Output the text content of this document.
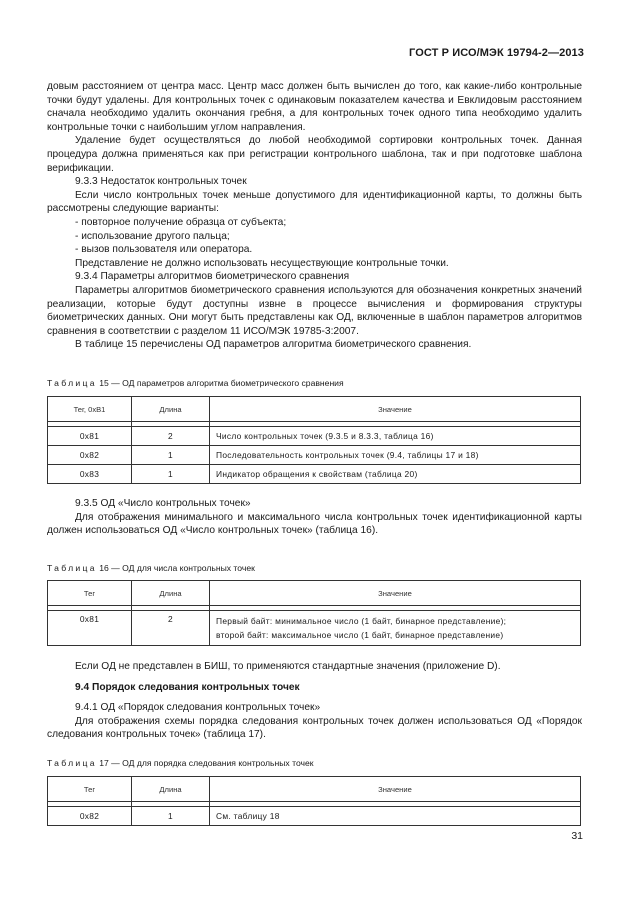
ГОСТ Р ИСО/МЭК 19794-2—2013

довым расстоянием от центра масс. Центр масс должен быть вычислен до того, как какие-либо контрольные точки будут удалены. Для контрольных точек с одинаковым показателем качества и Евклидовым расстоянием сначала необходимо удалить окончания гребня, а для контрольных точек одного типа необходимо удалить контрольные точки с наибольшим углом направления.

Удаление будет осуществляться до любой необходимой сортировки контрольных точек. Данная процедура должна применяться как при регистрации контрольного шаблона, так и при подготовке шаблона верификации.

9.3.3 Недостаток контрольных точек

Если число контрольных точек меньше допустимого для идентификационной карты, то должны быть рассмотрены следующие варианты:

- повторное получение образца от субъекта;

- использование другого пальца;

- вызов пользователя или оператора.

Представление не должно использовать несуществующие контрольные точки.

9.3.4 Параметры алгоритмов биометрического сравнения

Параметры алгоритмов биометрического сравнения используются для обозначения конкретных значений реализации, которые будут доступны извне в процессе вычисления и формирования структуры биометрических данных. Они могут быть представлены как ОД, включенные в шаблон параметров алгоритмов сравнения в соответствии с разделом 11 ИСО/МЭК 19785-3:2007.

В таблице 15 перечислены ОД параметров алгоритма биометрического сравнения.

Таблица 15 — ОД параметров алгоритма биометрического сравнения
Тег, 0хВ1	Длина	Значение

0x81	2	Число контрольных точек (9.3.5 и 8.3.3, таблица 16)
0x82	1	Последовательность контрольных точек (9.4, таблицы 17 и 18)
0x83	1	Индикатор обращения к свойствам (таблица 20)

9.3.5 ОД «Число контрольных точек»

Для отображения минимального и максимального числа контрольных точек идентификационной карты должен использоваться ОД «Число контрольных точек» (таблица 16).

Таблица 16 — ОД для числа контрольных точек
Тег	Длина	Значение

0x81	2	Первый байт: минимальное число (1 байт, бинарное представление);
второй байт: максимальное число (1 байт, бинарное представление)

Если ОД не представлен в БИШ, то применяются стандартные значения (приложение D).

9.4 Порядок следования контрольных точек

9.4.1 ОД «Порядок следования контрольных точек»

Для отображения схемы порядка следования контрольных точек должен использоваться ОД «Порядок следования контрольных точек» (таблица 17).

Таблица 17 — ОД для порядка следования контрольных точек
Тег	Длина	Значение

0x82	1	См. таблицу 18
31
